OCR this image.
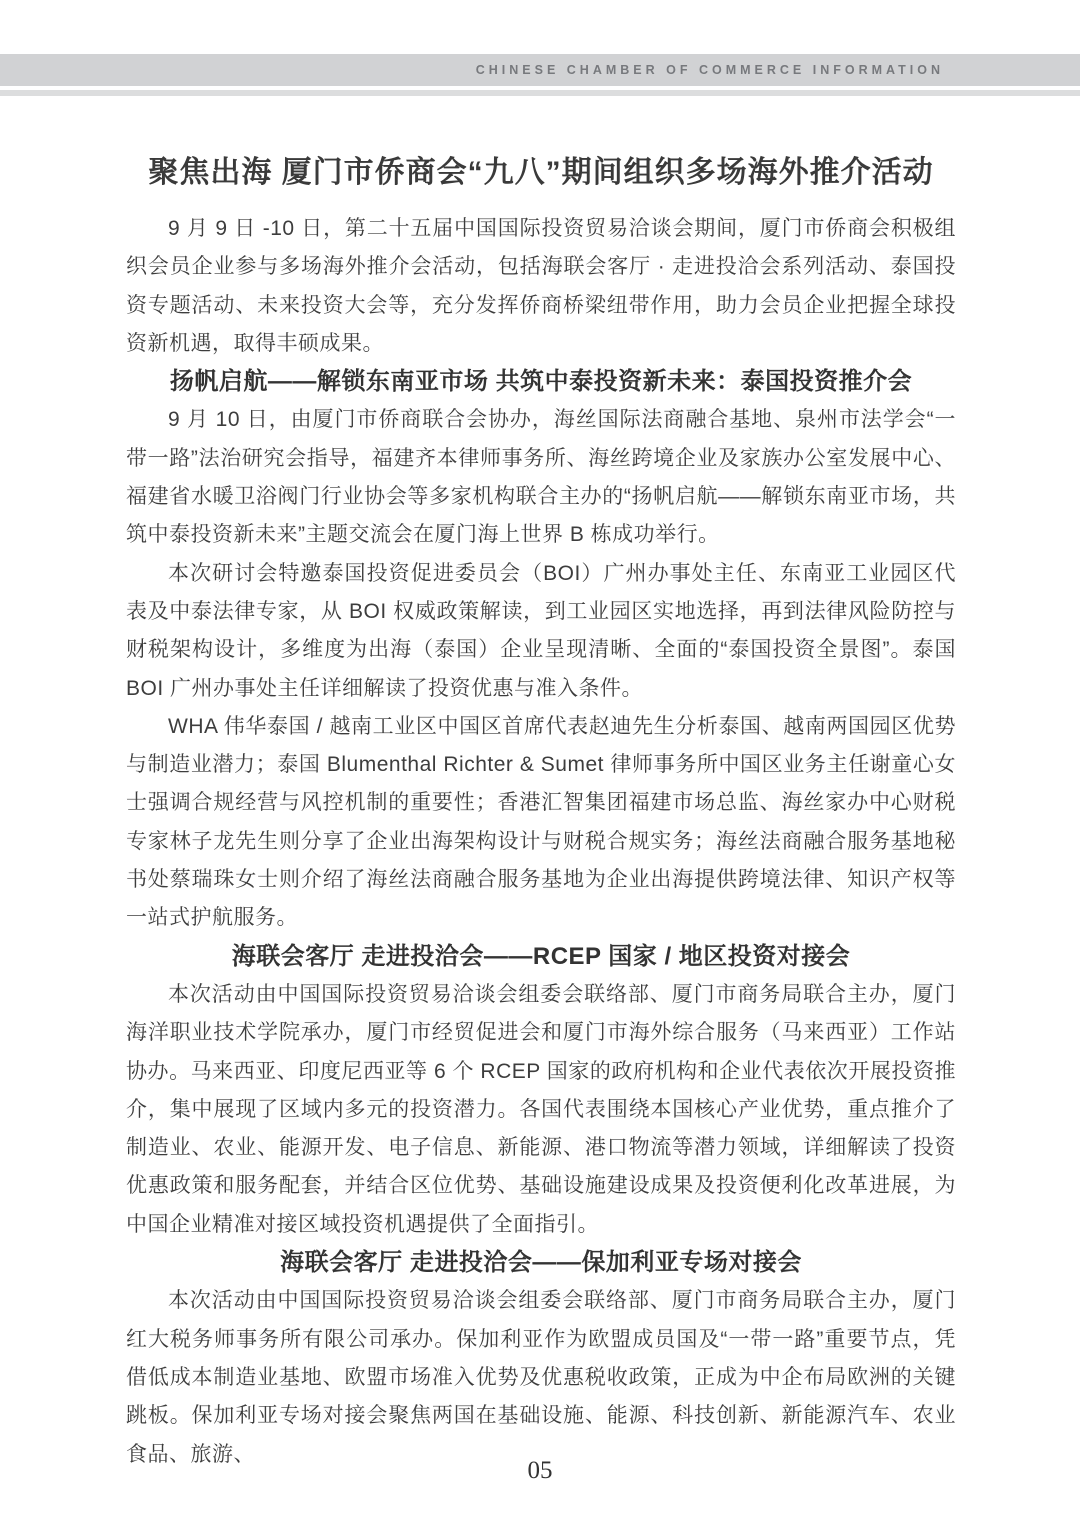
CHINESE CHAMBER OF COMMERCE INFORMATION
聚焦出海 厦门市侨商会“九八”期间组织多场海外推介活动

9 月 9 日 -10 日，第二十五届中国国际投资贸易洽谈会期间，厦门市侨商会积极组织会员企业参与多场海外推介会活动，包括海联会客厅 · 走进投洽会系列活动、泰国投资专题活动、未来投资大会等，充分发挥侨商桥梁纽带作用，助力会员企业把握全球投资新机遇，取得丰硕成果。

扬帆启航——解锁东南亚市场 共筑中泰投资新未来：泰国投资推介会

9 月 10 日，由厦门市侨商联合会协办，海丝国际法商融合基地、泉州市法学会“一带一路”法治研究会指导，福建齐本律师事务所、海丝跨境企业及家族办公室发展中心、福建省水暖卫浴阀门行业协会等多家机构联合主办的“扬帆启航——解锁东南亚市场，共筑中泰投资新未来”主题交流会在厦门海上世界 B 栋成功举行。

本次研讨会特邀泰国投资促进委员会（BOI）广州办事处主任、东南亚工业园区代表及中泰法律专家，从 BOI 权威政策解读，到工业园区实地选择，再到法律风险防控与财税架构设计，多维度为出海（泰国）企业呈现清晰、全面的“泰国投资全景图”。泰国 BOI 广州办事处主任详细解读了投资优惠与准入条件。

WHA 伟华泰国 / 越南工业区中国区首席代表赵迪先生分析泰国、越南两国园区优势与制造业潜力；泰国 Blumenthal Richter & Sumet 律师事务所中国区业务主任谢童心女士强调合规经营与风控机制的重要性；香港汇智集团福建市场总监、海丝家办中心财税专家林子龙先生则分享了企业出海架构设计与财税合规实务；海丝法商融合服务基地秘书处蔡瑞珠女士则介绍了海丝法商融合服务基地为企业出海提供跨境法律、知识产权等一站式护航服务。

海联会客厅 走进投洽会——RCEP 国家 / 地区投资对接会

本次活动由中国国际投资贸易洽谈会组委会联络部、厦门市商务局联合主办，厦门海洋职业技术学院承办，厦门市经贸促进会和厦门市海外综合服务（马来西亚）工作站协办。马来西亚、印度尼西亚等 6 个 RCEP 国家的政府机构和企业代表依次开展投资推介，集中展现了区域内多元的投资潜力。各国代表围绕本国核心产业优势，重点推介了制造业、农业、能源开发、电子信息、新能源、港口物流等潜力领域，详细解读了投资优惠政策和服务配套，并结合区位优势、基础设施建设成果及投资便利化改革进展，为中国企业精准对接区域投资机遇提供了全面指引。

海联会客厅 走进投洽会——保加利亚专场对接会

本次活动由中国国际投资贸易洽谈会组委会联络部、厦门市商务局联合主办，厦门红大税务师事务所有限公司承办。保加利亚作为欧盟成员国及“一带一路”重要节点，凭借低成本制造业基地、欧盟市场准入优势及优惠税收政策，正成为中企布局欧洲的关键跳板。保加利亚专场对接会聚焦两国在基础设施、能源、科技创新、新能源汽车、农业食品、旅游、

05
